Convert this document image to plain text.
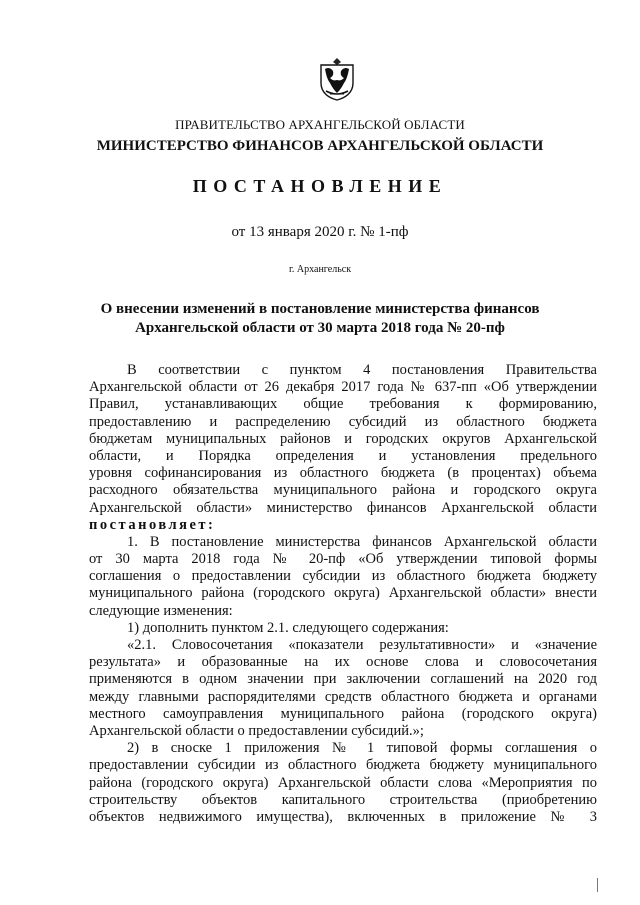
ПРАВИТЕЛЬСТВО АРХАНГЕЛЬСКОЙ ОБЛАСТИ
МИНИСТЕРСТВО ФИНАНСОВ АРХАНГЕЛЬСКОЙ ОБЛАСТИ
ПОСТАНОВЛЕНИЕ
от 13 января 2020 г. № 1-пф
г. Архангельск
О внесении изменений в постановление министерства финансов
Архангельской области от 30 марта 2018 года № 20-пф
В соответствии с пунктом 4 постановления Правительства
Архангельской области от 26 декабря 2017 года № 637-пп «Об утверждении
Правил, устанавливающих общие требования к формированию,
предоставлению и распределению субсидий из областного бюджета
бюджетам муниципальных районов и городских округов Архангельской
области, и Порядка определения и установления предельного
уровня софинансирования из областного бюджета (в процентах) объема
расходного обязательства муниципального района и городского округа
Архангельской области» министерство финансов Архангельской области
постановляет:
1. В постановление министерства финансов Архангельской области
от 30 марта 2018 года № 20-пф «Об утверждении типовой формы
соглашения о предоставлении субсидии из областного бюджета бюджету
муниципального района (городского округа) Архангельской области» внести
следующие изменения:
1) дополнить пунктом 2.1. следующего содержания:
«2.1. Словосочетания «показатели результативности» и «значение
результата» и образованные на их основе слова и словосочетания
применяются в одном значении при заключении соглашений на 2020 год
между главными распорядителями средств областного бюджета и органами
местного самоуправления муниципального района (городского округа)
Архангельской области о предоставлении субсидий.»;
2) в сноске 1 приложения № 1 типовой формы соглашения о
предоставлении субсидии из областного бюджета бюджету муниципального
района (городского округа) Архангельской области слова «Мероприятия по
строительству объектов капитального строительства (приобретению
объектов недвижимого имущества), включенных в приложение № 3
